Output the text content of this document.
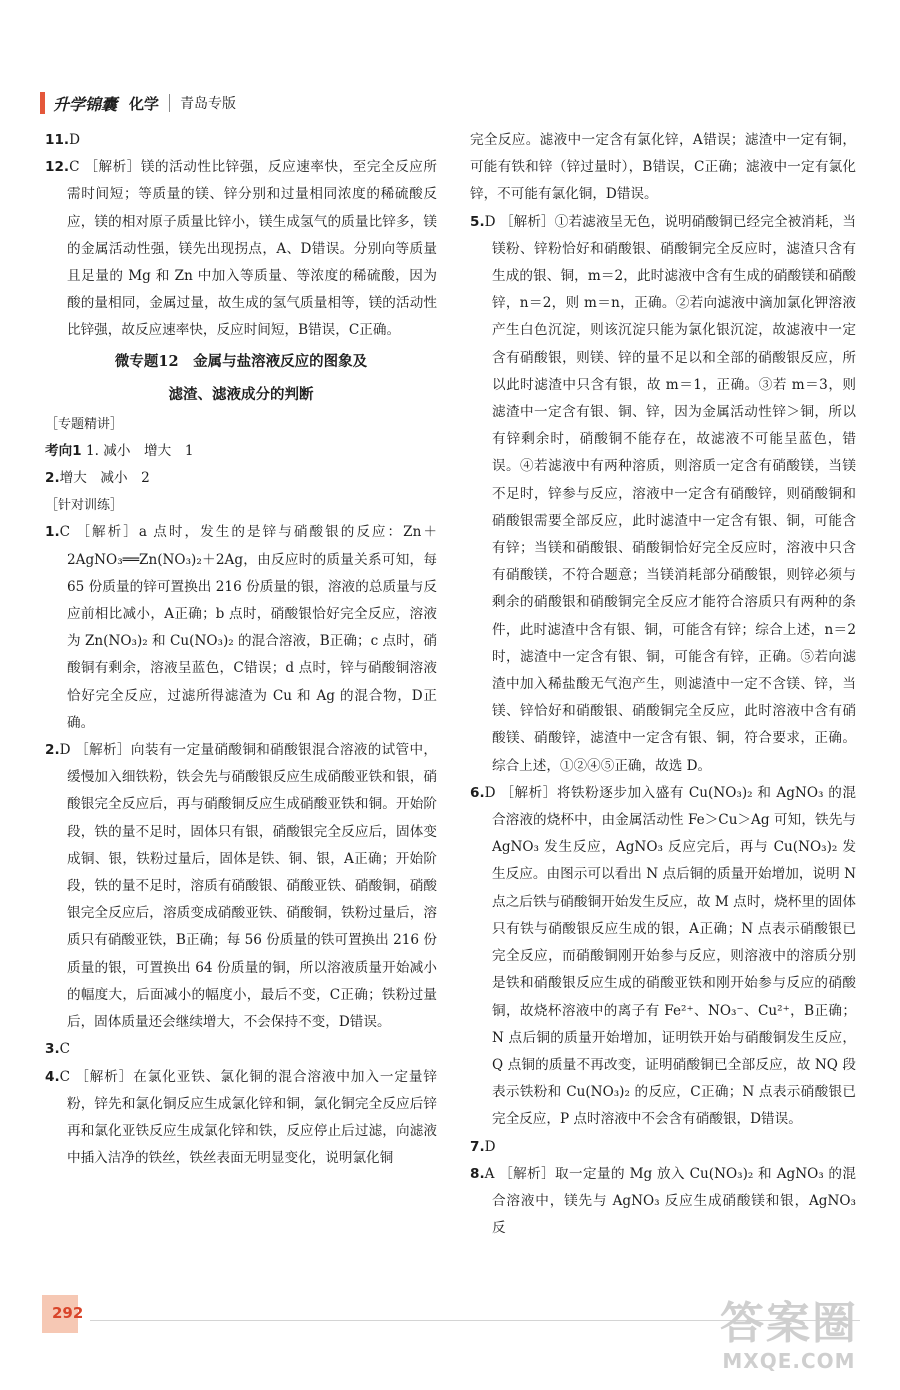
升学锦囊 化学 青岛专版

11.D

12.C ［解析］镁的活动性比锌强，反应速率快，至完全反应所需时间短；等质量的镁、锌分别和过量相同浓度的稀硫酸反应，镁的相对原子质量比锌小，镁生成氢气的质量比锌多，镁的金属活动性强，镁先出现拐点，A、D错误。分别向等质量且足量的 Mg 和 Zn 中加入等质量、等浓度的稀硫酸，因为酸的量相同，金属过量，故生成的氢气质量相等，镁的活动性比锌强，故反应速率快，反应时间短，B错误，C正确。

微专题12　金属与盐溶液反应的图象及

滤渣、滤液成分的判断

［专题精讲］

考向1 1. 减小　增大　1

2.增大　减小　2

［针对训练］

1.C ［解析］a 点时，发生的是锌与硝酸银的反应：Zn＋2AgNO₃══Zn(NO₃)₂＋2Ag，由反应时的质量关系可知，每 65 份质量的锌可置换出 216 份质量的银，溶液的总质量与反应前相比减小，A正确；b 点时，硝酸银恰好完全反应，溶液为 Zn(NO₃)₂ 和 Cu(NO₃)₂ 的混合溶液，B正确；c 点时，硝酸铜有剩余，溶液呈蓝色，C错误；d 点时，锌与硝酸铜溶液恰好完全反应，过滤所得滤渣为 Cu 和 Ag 的混合物，D正确。

2.D ［解析］向装有一定量硝酸铜和硝酸银混合溶液的试管中，缓慢加入细铁粉，铁会先与硝酸银反应生成硝酸亚铁和银，硝酸银完全反应后，再与硝酸铜反应生成硝酸亚铁和铜。开始阶段，铁的量不足时，固体只有银，硝酸银完全反应后，固体变成铜、银，铁粉过量后，固体是铁、铜、银，A正确；开始阶段，铁的量不足时，溶质有硝酸银、硝酸亚铁、硝酸铜，硝酸银完全反应后，溶质变成硝酸亚铁、硝酸铜，铁粉过量后，溶质只有硝酸亚铁，B正确；每 56 份质量的铁可置换出 216 份质量的银，可置换出 64 份质量的铜，所以溶液质量开始减小的幅度大，后面减小的幅度小，最后不变，C正确；铁粉过量后，固体质量还会继续增大，不会保持不变，D错误。

3.C

4.C ［解析］在氯化亚铁、氯化铜的混合溶液中加入一定量锌粉，锌先和氯化铜反应生成氯化锌和铜，氯化铜完全反应后锌再和氯化亚铁反应生成氯化锌和铁，反应停止后过滤，向滤液中插入洁净的铁丝，铁丝表面无明显变化，说明氯化铜

完全反应。滤液中一定含有氯化锌，A错误；滤渣中一定有铜，可能有铁和锌（锌过量时），B错误，C正确；滤液中一定有氯化锌，不可能有氯化铜，D错误。

5.D ［解析］①若滤液呈无色，说明硝酸铜已经完全被消耗，当镁粉、锌粉恰好和硝酸银、硝酸铜完全反应时，滤渣只含有生成的银、铜，m＝2，此时滤液中含有生成的硝酸镁和硝酸锌，n＝2，则 m＝n，正确。②若向滤液中滴加氯化钾溶液产生白色沉淀，则该沉淀只能为氯化银沉淀，故滤液中一定含有硝酸银，则镁、锌的量不足以和全部的硝酸银反应，所以此时滤渣中只含有银，故 m＝1，正确。③若 m＝3，则滤渣中一定含有银、铜、锌，因为金属活动性锌＞铜，所以有锌剩余时，硝酸铜不能存在，故滤液不可能呈蓝色，错误。④若滤液中有两种溶质，则溶质一定含有硝酸镁，当镁不足时，锌参与反应，溶液中一定含有硝酸锌，则硝酸铜和硝酸银需要全部反应，此时滤渣中一定含有银、铜，可能含有锌；当镁和硝酸银、硝酸铜恰好完全反应时，溶液中只含有硝酸镁，不符合题意；当镁消耗部分硝酸银，则锌必须与剩余的硝酸银和硝酸铜完全反应才能符合溶质只有两种的条件，此时滤渣中含有银、铜，可能含有锌；综合上述，n＝2 时，滤渣中一定含有银、铜，可能含有锌，正确。⑤若向滤渣中加入稀盐酸无气泡产生，则滤渣中一定不含镁、锌，当镁、锌恰好和硝酸银、硝酸铜完全反应，此时溶液中含有硝酸镁、硝酸锌，滤渣中一定含有银、铜，符合要求，正确。综合上述，①②④⑤正确，故选 D。

6.D ［解析］将铁粉逐步加入盛有 Cu(NO₃)₂ 和 AgNO₃ 的混合溶液的烧杯中，由金属活动性 Fe＞Cu＞Ag 可知，铁先与 AgNO₃ 发生反应，AgNO₃ 反应完后，再与 Cu(NO₃)₂ 发生反应。由图示可以看出 N 点后铜的质量开始增加，说明 N 点之后铁与硝酸铜开始发生反应，故 M 点时，烧杯里的固体只有铁与硝酸银反应生成的银，A正确；N 点表示硝酸银已完全反应，而硝酸铜刚开始参与反应，则溶液中的溶质分别是铁和硝酸银反应生成的硝酸亚铁和刚开始参与反应的硝酸铜，故烧杯溶液中的离子有 Fe²⁺、NO₃⁻、Cu²⁺，B正确；N 点后铜的质量开始增加，证明铁开始与硝酸铜发生反应，Q 点铜的质量不再改变，证明硝酸铜已全部反应，故 NQ 段表示铁粉和 Cu(NO₃)₂ 的反应，C正确；N 点表示硝酸银已完全反应，P 点时溶液中不会含有硝酸银，D错误。

7.D

8.A ［解析］取一定量的 Mg 放入 Cu(NO₃)₂ 和 AgNO₃ 的混合溶液中，镁先与 AgNO₃ 反应生成硝酸镁和银，AgNO₃ 反

292	答案圈
MXQE.COM
